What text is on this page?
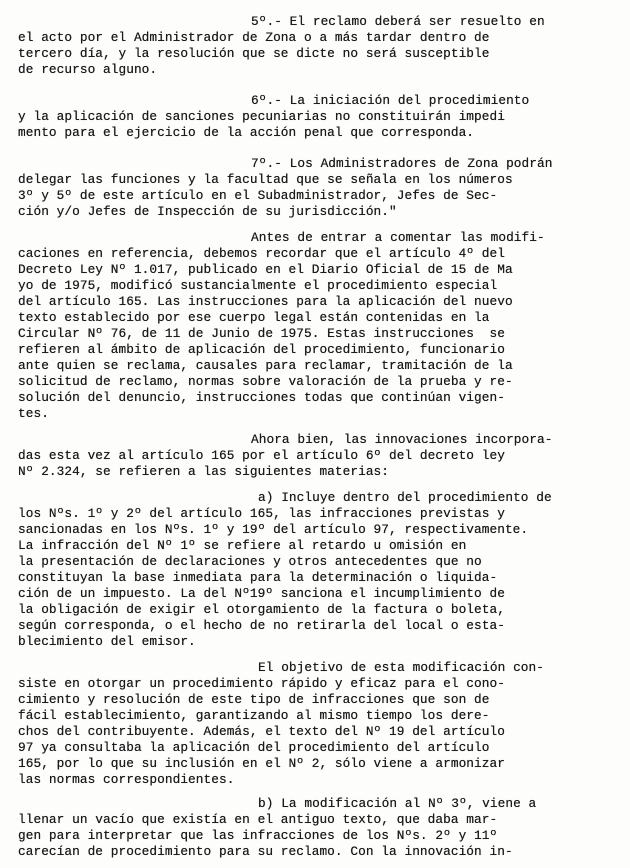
5º.- El reclamo deberá ser resuelto en

el acto por el Administrador de Zona o a más tardar dentro de

tercero día, y la resolución que se dicte no será susceptible

de recurso alguno.

6º.- La iniciación del procedimiento

y la aplicación de sanciones pecuniarias no constituirán impedi

mento para el ejercicio de la acción penal que corresponda.

7º.- Los Administradores de Zona podrán

delegar las funciones y la facultad que se señala en los números

3º y 5º de este artículo en el Subadministrador, Jefes de Sec-

ción y/o Jefes de Inspección de su jurisdicción."

Antes de entrar a comentar las modifi-

caciones en referencia, debemos recordar que el artículo 4º del

Decreto Ley Nº 1.017, publicado en el Diario Oficial de 15 de Ma

yo de 1975, modificó sustancialmente el procedimiento especial

del artículo 165. Las instrucciones para la aplicación del nuevo

texto establecido por ese cuerpo legal están contenidas en la

Circular Nº 76, de 11 de Junio de 1975. Estas instrucciones  se

refieren al ámbito de aplicación del procedimiento, funcionario

ante quien se reclama, causales para reclamar, tramitación de la

solicitud de reclamo, normas sobre valoración de la prueba y re-

solución del denuncio, instrucciones todas que continúan vigen-

tes.

Ahora bien, las innovaciones incorpora-

das esta vez al artículo 165 por el artículo 6º del decreto ley

Nº 2.324, se refieren a las siguientes materias:

a) Incluye dentro del procedimiento de

los Nºs. 1º y 2º del artículo 165, las infracciones previstas y

sancionadas en los Nºs. 1º y 19º del artículo 97, respectivamente.

La infracción del Nº 1º se refiere al retardo u omisión en

la presentación de declaraciones y otros antecedentes que no

constituyan la base inmediata para la determinación o liquida-

ción de un impuesto. La del Nº19º sanciona el incumplimiento de

la obligación de exigir el otorgamiento de la factura o boleta,

según corresponda, o el hecho de no retirarla del local o esta-

blecimiento del emisor.

El objetivo de esta modificación con-

siste en otorgar un procedimiento rápido y eficaz para el cono-

cimiento y resolución de este tipo de infracciones que son de

fácil establecimiento, garantizando al mismo tiempo los dere-

chos del contribuyente. Además, el texto del Nº 19 del artículo

97 ya consultaba la aplicación del procedimiento del artículo

165, por lo que su inclusión en el Nº 2, sólo viene a armonizar

las normas correspondientes.

b) La modificación al Nº 3º, viene a

llenar un vacío que existía en el antiguo texto, que daba mar-

gen para interpretar que las infracciones de los Nºs. 2º y 11º

carecían de procedimiento para su reclamo. Con la innovación in-
